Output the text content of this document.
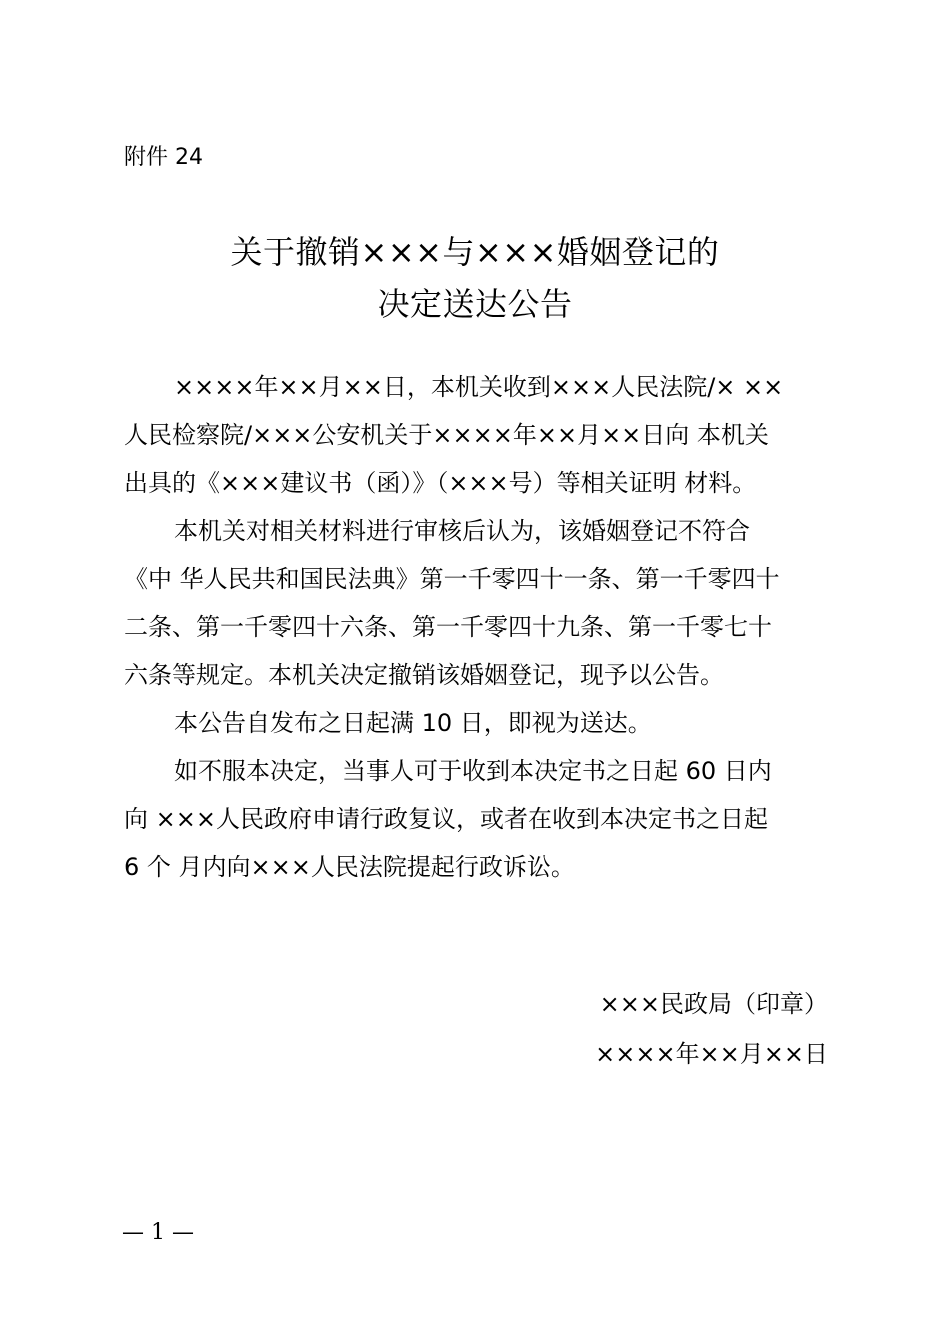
附件 24
关于撤销×××与×××婚姻登记的
决定送达公告
××××年××月××日，本机关收到×××人民法院/× ××
人民检察院/×××公安机关于××××年××月××日向 本机关
出具的《×××建议书（函）》（×××号）等相关证明 材料。
本机关对相关材料进行审核后认为，该婚姻登记不符合
《中 华人民共和国民法典》第一千零四十一条、第一千零四十
二条、第一千零四十六条、第一千零四十九条、第一千零七十
六条等规定。本机关决定撤销该婚姻登记，现予以公告。
本公告自发布之日起满 10 日，即视为送达。
如不服本决定，当事人可于收到本决定书之日起 60 日内
向 ×××人民政府申请行政复议，或者在收到本决定书之日起
6 个 月内向×××人民法院提起行政诉讼。
×××民政局（印章）
××××年××月××日
— 1 —
